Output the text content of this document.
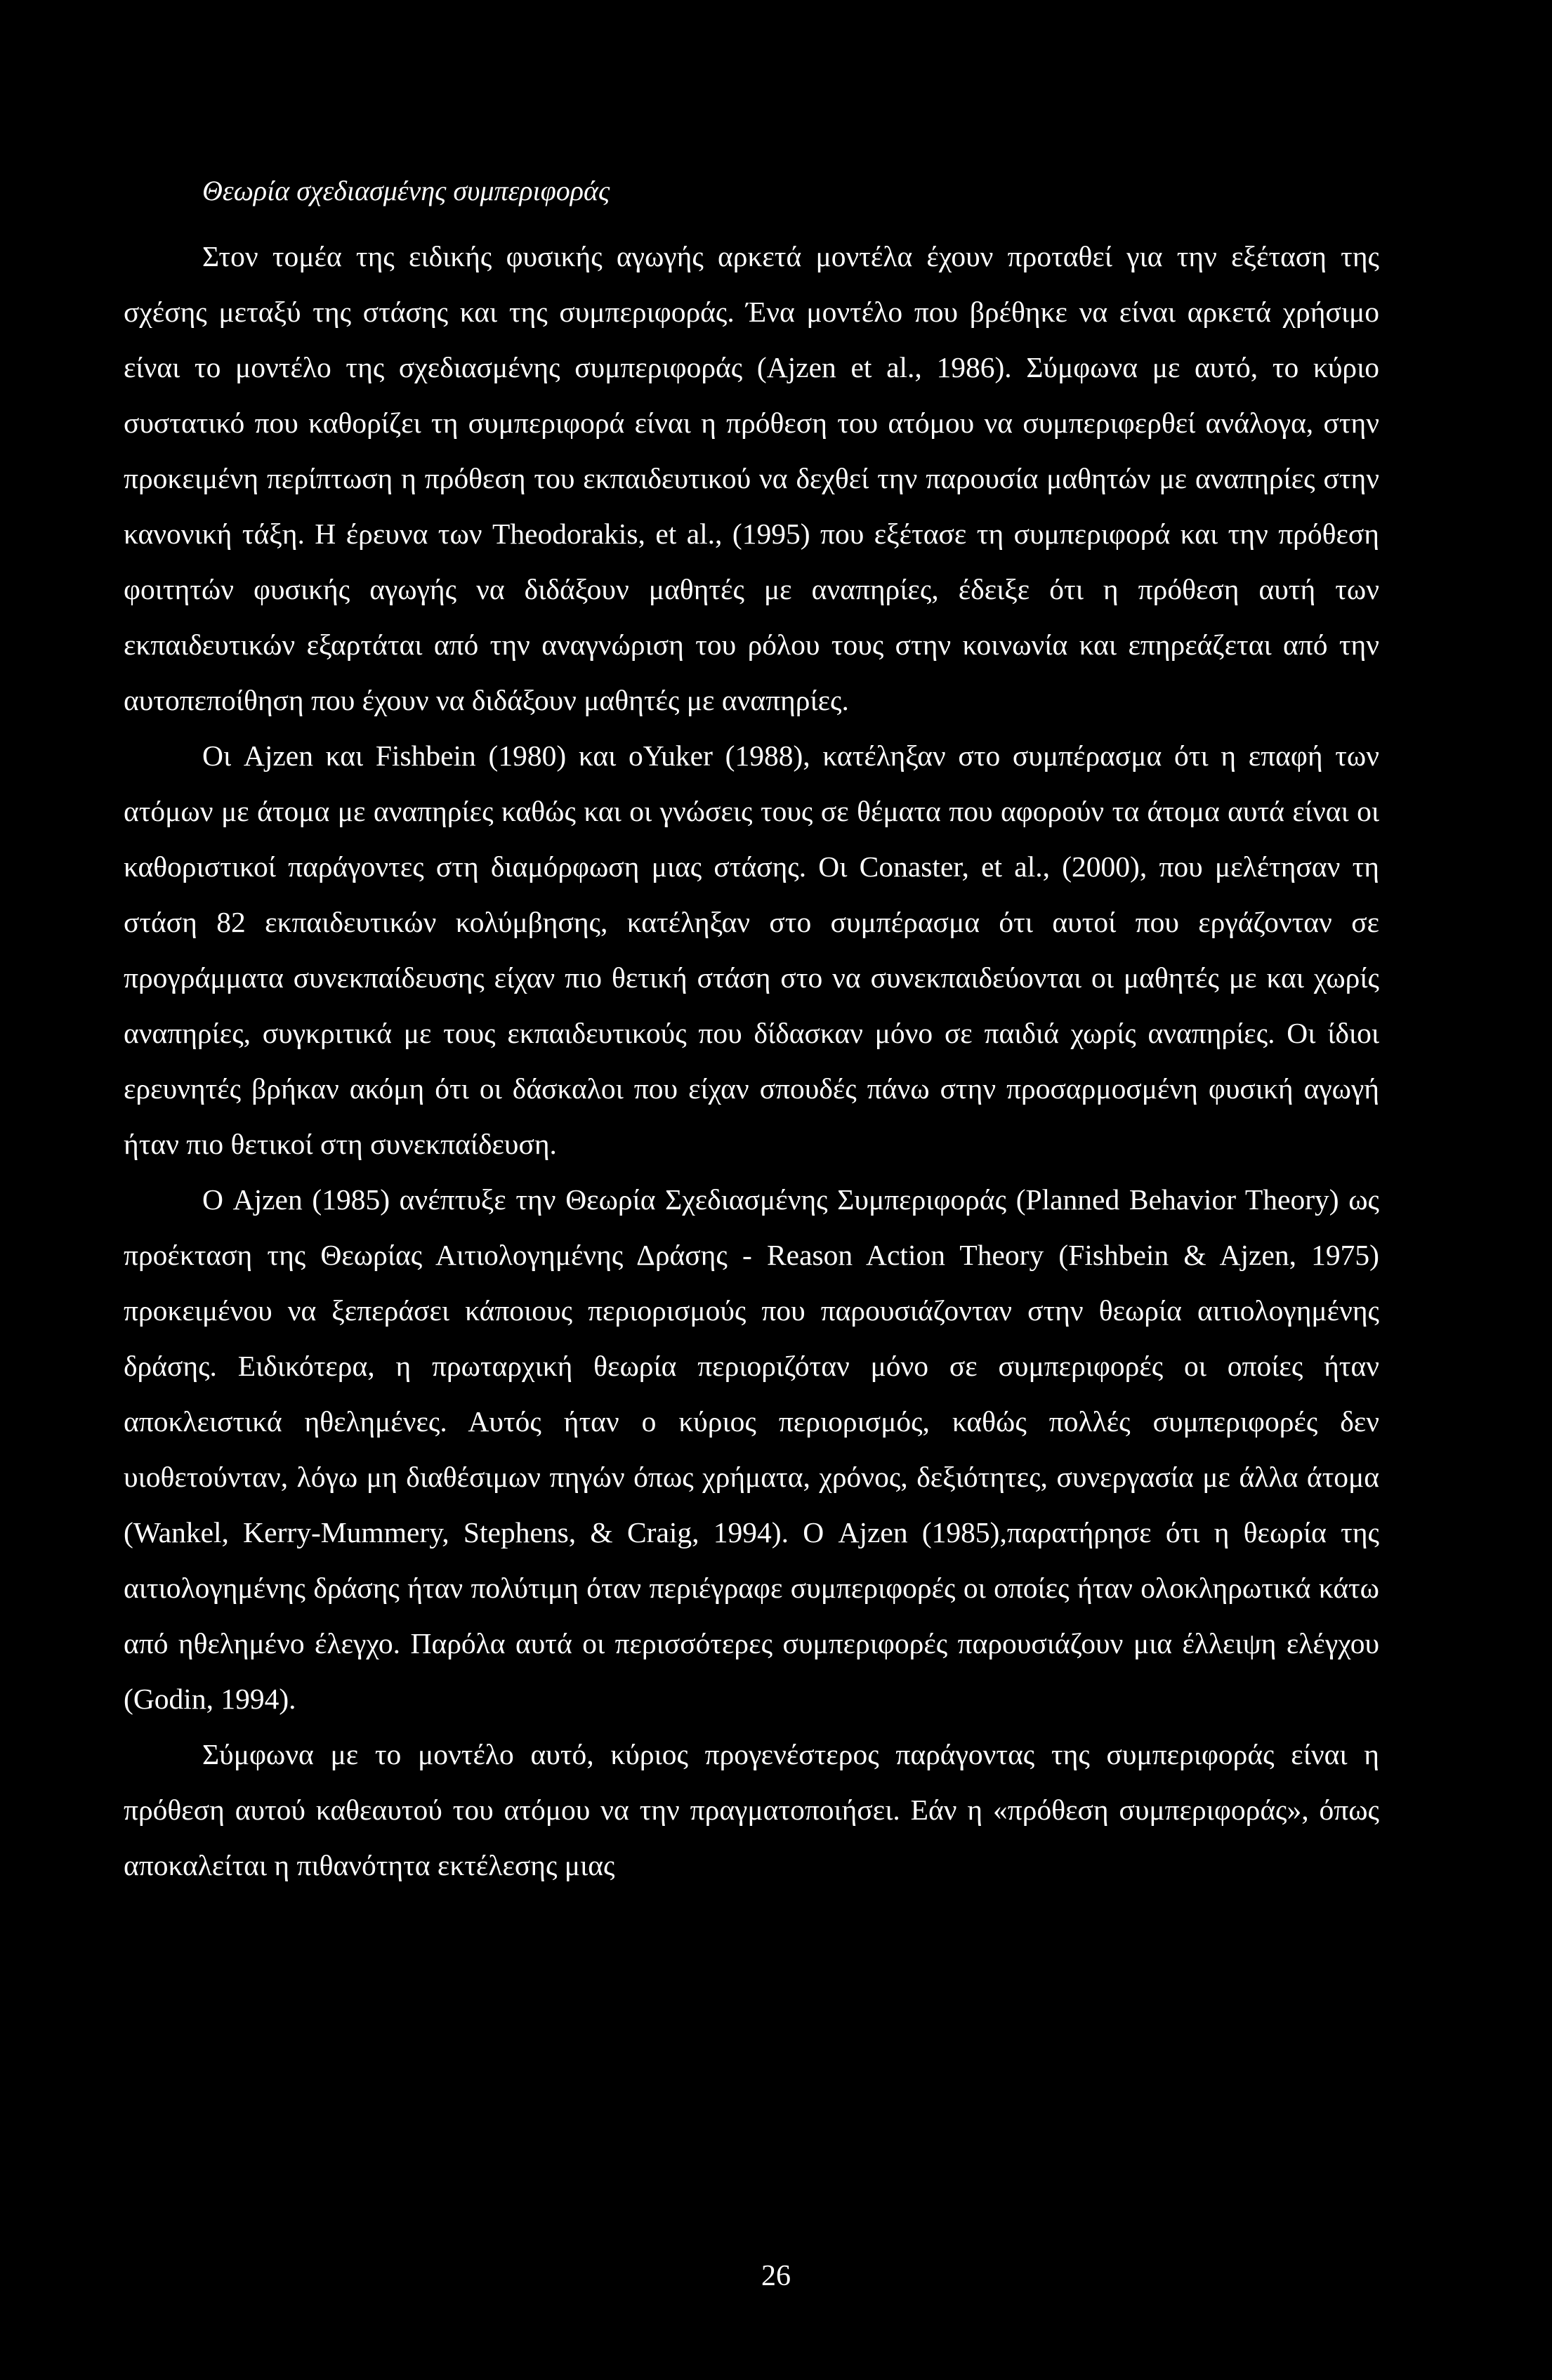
Θεωρία σχεδιασμένης συμπεριφοράς

Στον τομέα της ειδικής φυσικής αγωγής αρκετά μοντέλα έχουν προταθεί για την εξέταση της σχέσης μεταξύ της στάσης και της συμπεριφοράς. Ένα μοντέλο που βρέθηκε να είναι αρκετά χρήσιμο είναι το μοντέλο της σχεδιασμένης συμπεριφοράς (Ajzen et al., 1986). Σύμφωνα με αυτό, το κύριο συστατικό που καθορίζει τη συμπεριφορά είναι η πρόθεση του ατόμου να συμπεριφερθεί ανάλογα, στην προκειμένη περίπτωση η πρόθεση του εκπαιδευτικού να δεχθεί την παρουσία μαθητών με αναπηρίες στην κανονική τάξη. Η έρευνα των Theodorakis, et al., (1995) που εξέτασε τη συμπεριφορά και την πρόθεση φοιτητών φυσικής αγωγής να διδάξουν μαθητές με αναπηρίες, έδειξε ότι η πρόθεση αυτή των εκπαιδευτικών εξαρτάται από την αναγνώριση του ρόλου τους στην κοινωνία και επηρεάζεται από την αυτοπεποίθηση που έχουν να διδάξουν μαθητές με αναπηρίες.

Οι Ajzen και Fishbein (1980) και οYuker (1988), κατέληξαν στο συμπέρασμα ότι η επαφή των ατόμων με άτομα με αναπηρίες καθώς και οι γνώσεις τους σε θέματα που αφορούν τα άτομα αυτά είναι οι καθοριστικοί παράγοντες στη διαμόρφωση μιας στάσης. Οι Conaster, et al., (2000), που μελέτησαν τη στάση 82 εκπαιδευτικών κολύμβησης, κατέληξαν στο συμπέρασμα ότι αυτοί που εργάζονταν σε προγράμματα συνεκπαίδευσης είχαν πιο θετική στάση στο να συνεκπαιδεύονται οι μαθητές με και χωρίς αναπηρίες, συγκριτικά με τους εκπαιδευτικούς που δίδασκαν μόνο σε παιδιά χωρίς αναπηρίες. Οι ίδιοι ερευνητές βρήκαν ακόμη ότι οι δάσκαλοι που είχαν σπουδές πάνω στην προσαρμοσμένη φυσική αγωγή ήταν πιο θετικοί στη συνεκπαίδευση.

Ο Ajzen (1985) ανέπτυξε την Θεωρία Σχεδιασμένης Συμπεριφοράς (Planned Behavior Theory) ως προέκταση της Θεωρίας Αιτιολογημένης Δράσης - Reason Action Theory (Fishbein & Ajzen, 1975) προκειμένου να ξεπεράσει κάποιους περιορισμούς που παρουσιάζονταν στην θεωρία αιτιολογημένης δράσης. Ειδικότερα, η πρωταρχική θεωρία περιοριζόταν μόνο σε συμπεριφορές οι οποίες ήταν αποκλειστικά ηθελημένες. Αυτός ήταν ο κύριος περιορισμός, καθώς πολλές συμπεριφορές δεν υιοθετούνταν, λόγω μη διαθέσιμων πηγών όπως χρήματα, χρόνος, δεξιότητες, συνεργασία με άλλα άτομα (Wankel, Kerry-Mummery, Stephens, & Craig, 1994). Ο Ajzen (1985),παρατήρησε ότι η θεωρία της αιτιολογημένης δράσης ήταν πολύτιμη όταν περιέγραφε συμπεριφορές οι οποίες ήταν ολοκληρωτικά κάτω από ηθελημένο έλεγχο. Παρόλα αυτά οι περισσότερες συμπεριφορές παρουσιάζουν μια έλλειψη ελέγχου (Godin, 1994).

Σύμφωνα με το μοντέλο αυτό, κύριος προγενέστερος παράγοντας της συμπεριφοράς είναι η πρόθεση αυτού καθεαυτού του ατόμου να την πραγματοποιήσει. Εάν η «πρόθεση συμπεριφοράς», όπως αποκαλείται η πιθανότητα εκτέλεσης μιας

26
